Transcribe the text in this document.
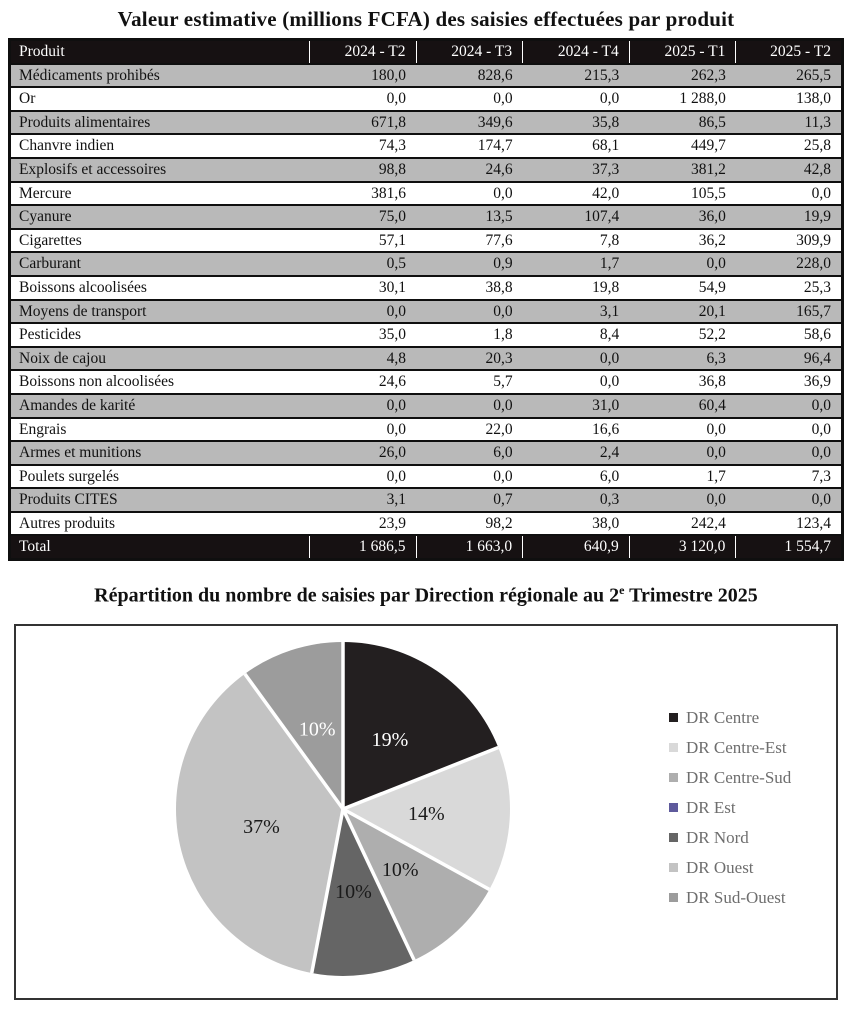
Valeur estimative (millions FCFA) des saisies effectuées par produit
Produit	2024 - T2	2024 - T3	2024 - T4	2025 - T1	2025 - T2
Médicaments prohibés	180,0	828,6	215,3	262,3	265,5
Or	0,0	0,0	0,0	1 288,0	138,0
Produits alimentaires	671,8	349,6	35,8	86,5	11,3
Chanvre indien	74,3	174,7	68,1	449,7	25,8
Explosifs et accessoires	98,8	24,6	37,3	381,2	42,8
Mercure	381,6	0,0	42,0	105,5	0,0
Cyanure	75,0	13,5	107,4	36,0	19,9
Cigarettes	57,1	77,6	7,8	36,2	309,9
Carburant	0,5	0,9	1,7	0,0	228,0
Boissons alcoolisées	30,1	38,8	19,8	54,9	25,3
Moyens de transport	0,0	0,0	3,1	20,1	165,7
Pesticides	35,0	1,8	8,4	52,2	58,6
Noix de cajou	4,8	20,3	0,0	6,3	96,4
Boissons non alcoolisées	24,6	5,7	0,0	36,8	36,9
Amandes de karité	0,0	0,0	31,0	60,4	0,0
Engrais	0,0	22,0	16,6	0,0	0,0
Armes et munitions	26,0	6,0	2,4	0,0	0,0
Poulets surgelés	0,0	0,0	6,0	1,7	7,3
Produits CITES	3,1	0,7	0,3	0,0	0,0
Autres produits	23,9	98,2	38,0	242,4	123,4
Total	1 686,5	1 663,0	640,9	3 120,0	1 554,7
Répartition du nombre de saisies par Direction régionale au 2e Trimestre 2025
19%
14%
10%
10%
37%
10%
DR Centre
DR Centre-Est
DR Centre-Sud
DR Est
DR Nord
DR Ouest
DR Sud-Ouest
